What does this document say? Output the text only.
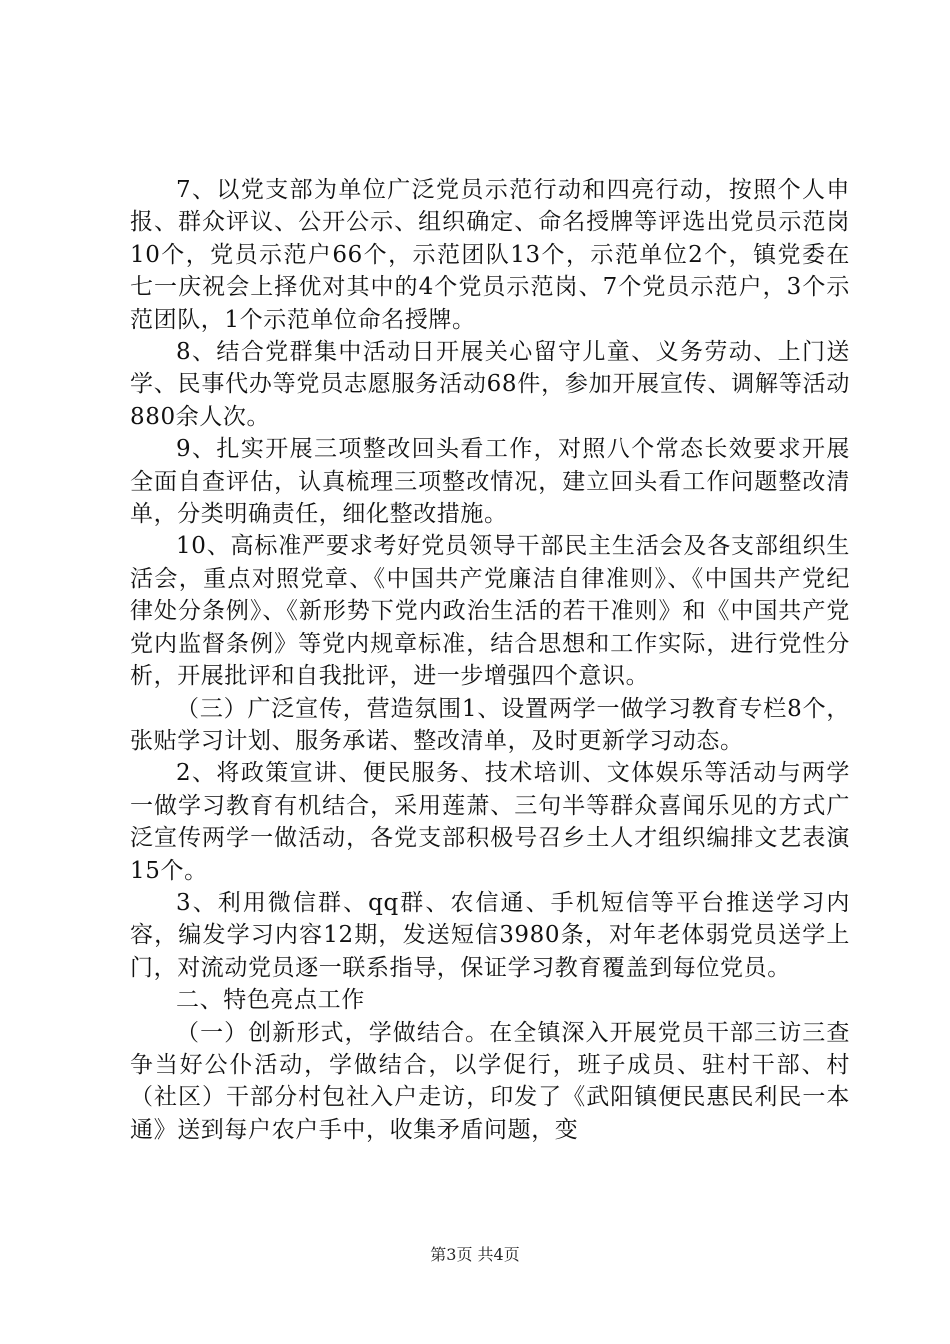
7、以党支部为单位广泛党员示范行动和四亮行动，按照个人申报、群众评议、公开公示、组织确定、命名授牌等评选出党员示范岗10个，党员示范户66个，示范团队13个，示范单位2个，镇党委在七一庆祝会上择优对其中的4个党员示范岗、7个党员示范户，3个示范团队，1个示范单位命名授牌。

8、结合党群集中活动日开展关心留守儿童、义务劳动、上门送学、民事代办等党员志愿服务活动68件，参加开展宣传、调解等活动880余人次。

9、扎实开展三项整改回头看工作，对照八个常态长效要求开展全面自查评估，认真梳理三项整改情况，建立回头看工作问题整改清单，分类明确责任，细化整改措施。

10、高标准严要求考好党员领导干部民主生活会及各支部组织生活会，重点对照党章、《中国共产党廉洁自律准则》、《中国共产党纪律处分条例》、《新形势下党内政治生活的若干准则》和《中国共产党党内监督条例》等党内规章标准，结合思想和工作实际，进行党性分析，开展批评和自我批评，进一步增强四个意识。

（三）广泛宣传，营造氛围1、设置两学一做学习教育专栏8个，张贴学习计划、服务承诺、整改清单，及时更新学习动态。

2、将政策宣讲、便民服务、技术培训、文体娱乐等活动与两学一做学习教育有机结合，采用莲萧、三句半等群众喜闻乐见的方式广泛宣传两学一做活动，各党支部积极号召乡土人才组织编排文艺表演15个。

3、利用微信群、qq群、农信通、手机短信等平台推送学习内容，编发学习内容12期，发送短信3980条，对年老体弱党员送学上门，对流动党员逐一联系指导，保证学习教育覆盖到每位党员。

二、特色亮点工作

（一）创新形式，学做结合。在全镇深入开展党员干部三访三查争当好公仆活动，学做结合，以学促行，班子成员、驻村干部、村（社区）干部分村包社入户走访，印发了《武阳镇便民惠民利民一本通》送到每户农户手中，收集矛盾问题，变

第3页 共4页
